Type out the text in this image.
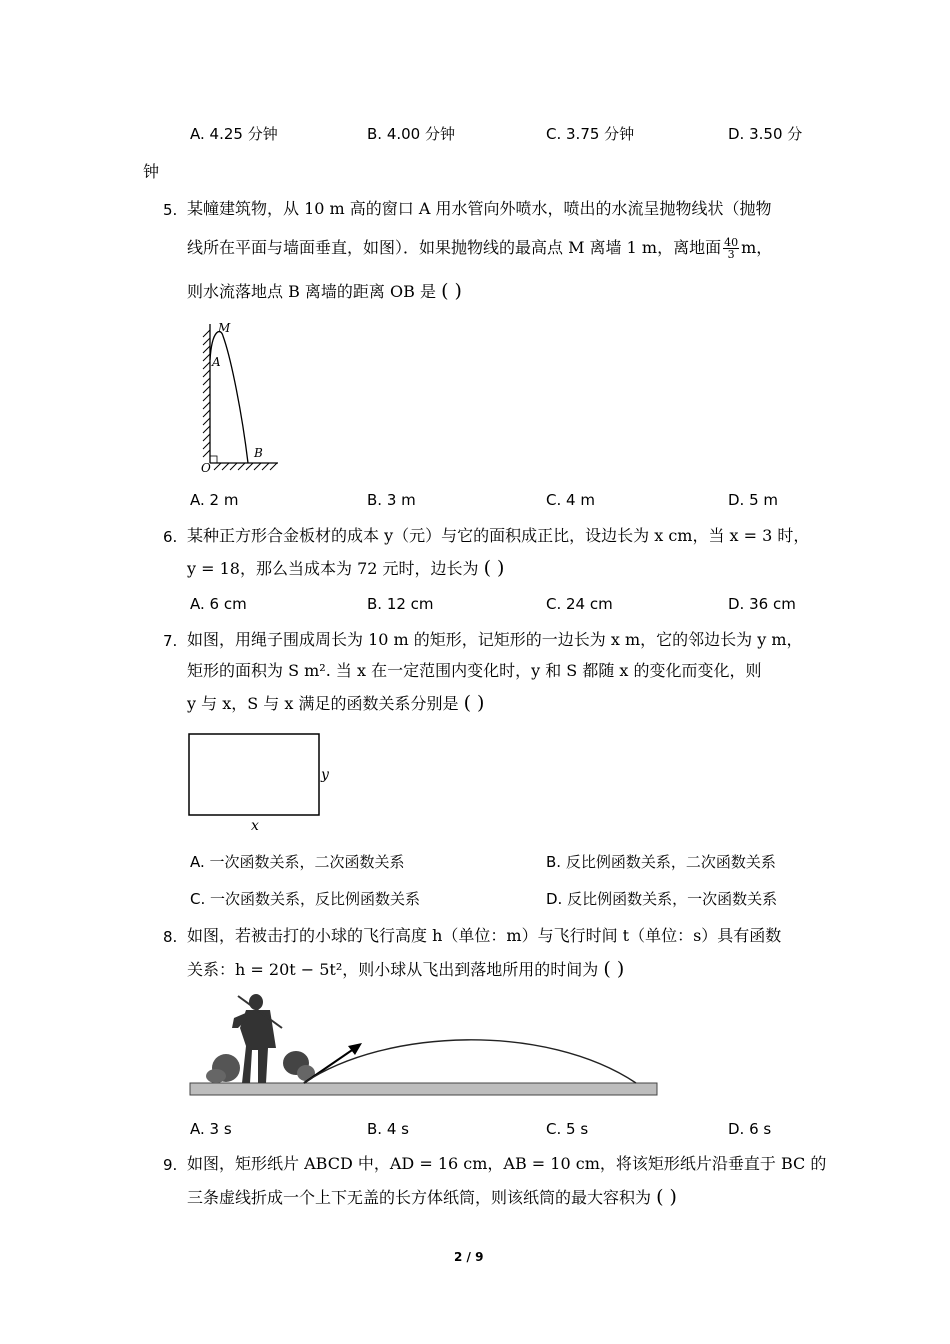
A. 4.25 分钟	B. 4.00 分钟	C. 3.75 分钟	D. 3.50 分
钟
5. 某幢建筑物，从 10 m 高的窗口 A 用水管向外喷水，喷出的水流呈抛物线状（抛物
线所在平面与墙面垂直，如图）．如果抛物线的最高点 M 离墙 1 m，离地面 $\frac{40}{3}$ m，
则水流落地点 B 离墙的距离 OB 是 ( )
M
A
O
B
A. 2 m	B. 3 m	C. 4 m	D. 5 m
6. 某种正方形合金板材的成本 y（元）与它的面积成正比，设边长为 x cm，当 x = 3 时，
y = 18，那么当成本为 72 元时，边长为 ( )
A. 6 cm	B. 12 cm	C. 24 cm	D. 36 cm
7. 如图，用绳子围成周长为 10 m 的矩形，记矩形的一边长为 x m，它的邻边长为 y m，
矩形的面积为 S m². 当 x 在一定范围内变化时，y 和 S 都随 x 的变化而变化，则
y 与 x，S 与 x 满足的函数关系分别是 ( )
y
x
A. 一次函数关系，二次函数关系	B. 反比例函数关系，二次函数关系
C. 一次函数关系，反比例函数关系	D. 反比例函数关系，一次函数关系
8. 如图，若被击打的小球的飞行高度 h（单位：m）与飞行时间 t（单位：s）具有函数
关系：h = 20t − 5t²，则小球从飞出到落地所用的时间为 ( )
A. 3 s	B. 4 s	C. 5 s	D. 6 s
9. 如图，矩形纸片 ABCD 中，AD = 16 cm，AB = 10 cm，将该矩形纸片沿垂直于 BC 的
三条虚线折成一个上下无盖的长方体纸筒，则该纸筒的最大容积为 ( )
2 / 9
